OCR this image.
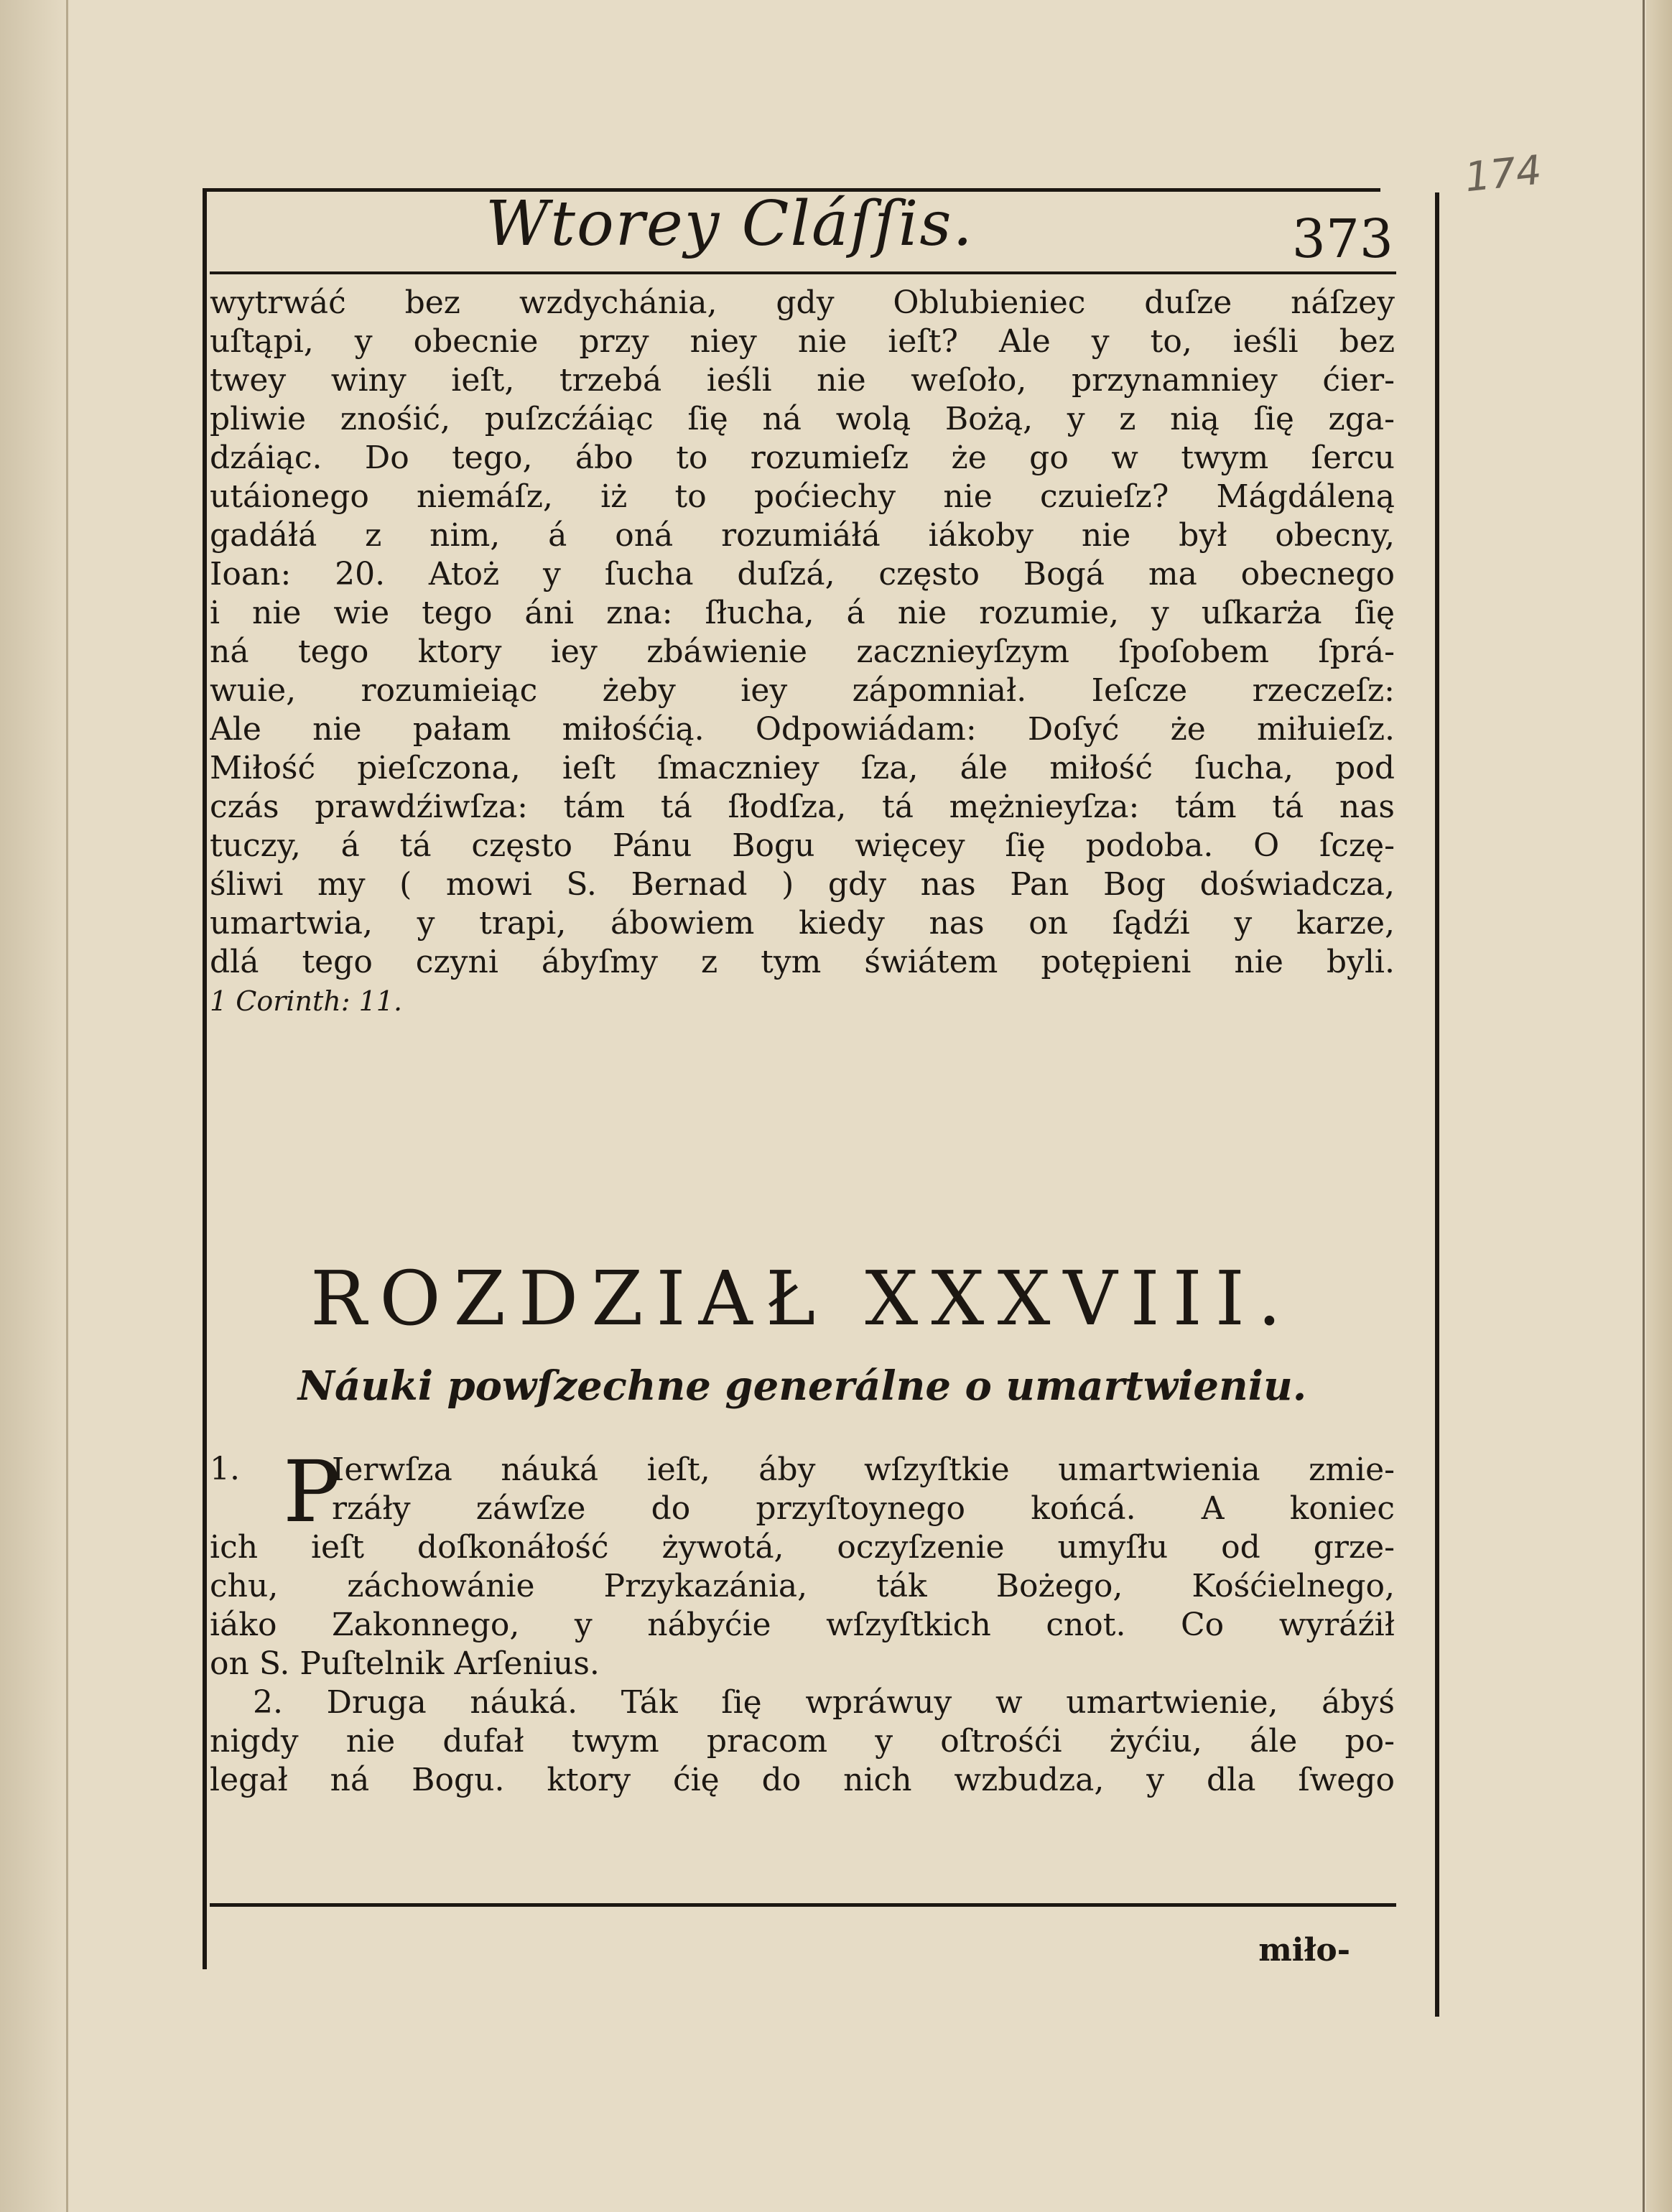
174
Wtorey Cláſſis.	373
wytrwáć bez wzdychánia, gdy Oblubieniec duſze náſzey
uſtąpi, y obecnie przy niey nie ieſt? Ale y to, ieśli bez
twey winy ieſt, trzebá ieśli nie weſoło, przynamniey ćier-
pliwie znośić, puſzcźáiąc ſię ná wolą Bożą, y z nią ſię zga-
dzáiąc. Do tego, ábo to rozumieſz że go w twym ſercu
utáionego niemáſz, iż to poćiechy nie czuieſz? Mágdáleną
gadáłá z nim, á oná rozumiáłá iákoby nie był obecny,
Ioan: 20. Atoż y ſucha duſzá, często Bogá ma obecnego
i nie wie tego áni zna: ſłucha, á nie rozumie, y uſkarża ſię
ná tego ktory iey zbáwienie zacznieyſzym ſpoſobem ſprá-
wuie, rozumieiąc żeby iey zápomniał. Ieſcze rzeczeſz:
Ale nie pałam miłośćią. Odpowiádam: Doſyć że miłuieſz.
Miłość pieſczona, ieſt ſmaczniey ſza, ále miłość ſucha, pod
czás prawdźiwſza: tám tá ſłodſza, tá mężnieyſza: tám tá nas
tuczy, á tá często Pánu Bogu więcey ſię podoba. O ſczę-
śliwi my ( mowi S. Bernad ) gdy nas Pan Bog doświadcza,
umartwia, y trapi, ábowiem kiedy nas on ſądźi y karze,
dlá tego czyni ábyſmy z tym świátem potępieni nie byli.
1 Corinth: 11.
ROZDZIAŁ XXXVIII.
Náuki powſzechne generálne o umartwieniu.
1. P
Ierwſza náuká ieſt, áby wſzyſtkie umartwienia zmie-
rzáły záwſze do przyſtoynego końcá. A koniec
ich ieſt doſkonáłość żywotá, oczyſzenie umyſłu od grze-
chu, záchowánie Przykazánia, ták Bożego, Kośćielnego,
iáko Zakonnego, y nábyćie wſzyſtkich cnot. Co wyráźił
on S. Puſtelnik Arſenius.
2. Druga náuká. Ták ſię wpráwuy w umartwienie, ábyś
nigdy nie dufał twym pracom y oſtrośći żyćiu, ále po-
legał ná Bogu. ktory ćię do nich wzbudza, y dla ſwego
miło-
